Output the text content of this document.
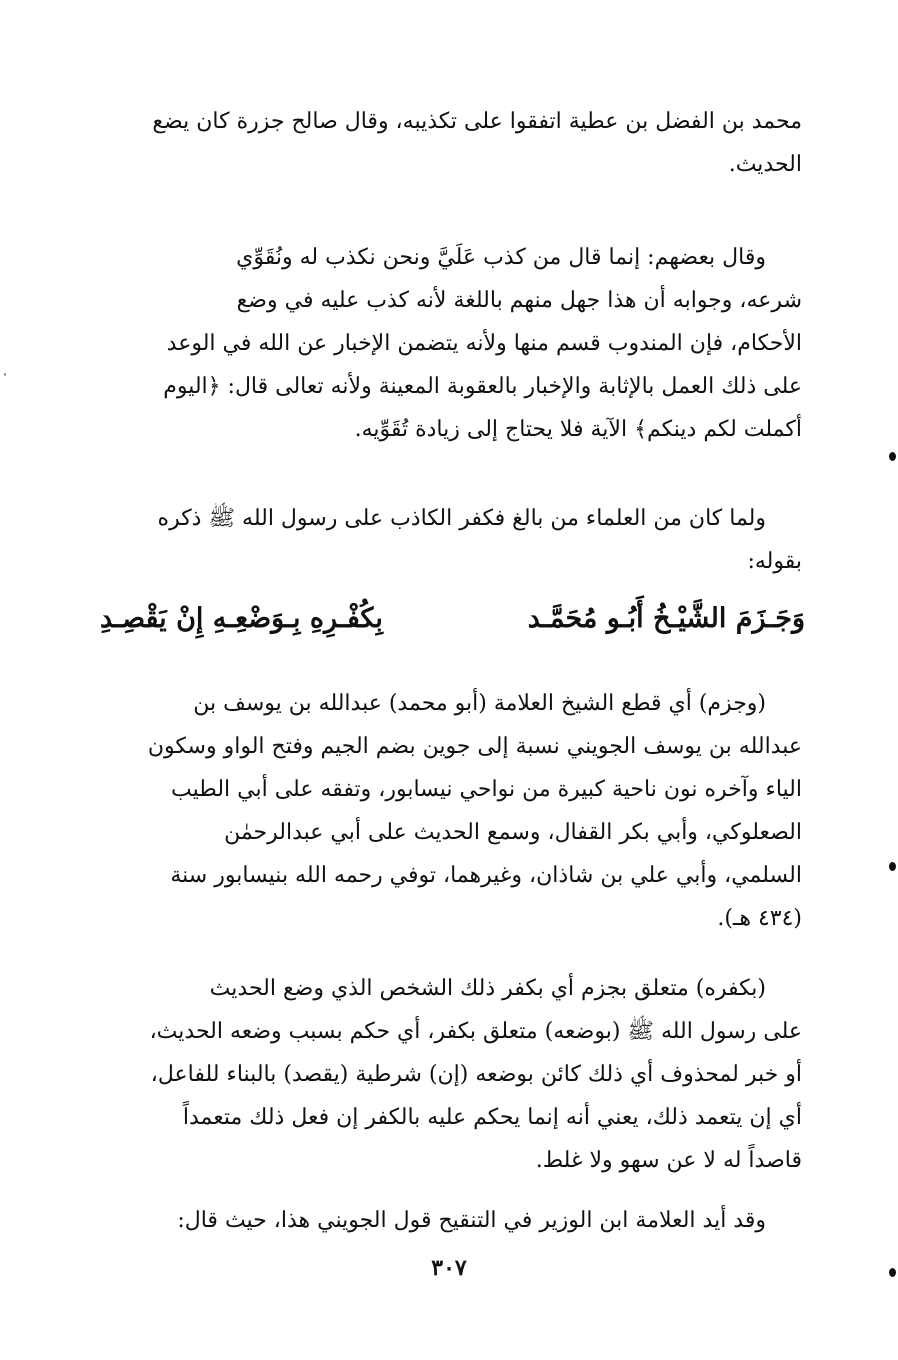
محمد بن الفضل بن عطية اتفقوا على تكذيبه، وقال صالح جزرة كان يضع

الحديث.

وقال بعضهم: إنما قال من كذب عَلَيَّ ونحن نكذب له ونُقَوِّي

شرعه، وجوابه أن هذا جهل منهم باللغة لأنه كذب عليه في وضع

الأحكام، فإن المندوب قسم منها ولأنه يتضمن الإخبار عن الله في الوعد

على ذلك العمل بالإثابة والإخبار بالعقوبة المعينة ولأنه تعالى قال: ﴿اليوم

أكملت لكم دينكم﴾ الآية فلا يحتاج إلى زيادة تُقَوِّيه.

ولما كان من العلماء من بالغ فكفر الكاذب على رسول الله ﷺ ذكره

بقوله:

وَجَـزَمَ الشَّيْـخُ أَبُـو مُحَمَّـد
بِكُفْـرِهِ بِـوَضْعِـهِ إِنْ يَقْصِـدِ

(وجزم) أي قطع الشيخ العلامة (أبو محمد) عبدالله بن يوسف بن

عبدالله بن يوسف الجويني نسبة إلى جوين بضم الجيم وفتح الواو وسكون

الياء وآخره نون ناحية كبيرة من نواحي نيسابور، وتفقه على أبي الطيب

الصعلوكي، وأبي بكر القفال، وسمع الحديث على أبي عبدالرحمٰن

السلمي، وأبي علي بن شاذان، وغيرهما، توفي رحمه الله بنيسابور سنة

(٤٣٤ هـ).

(بكفره) متعلق بجزم أي بكفر ذلك الشخص الذي وضع الحديث

على رسول الله ﷺ (بوضعه) متعلق بكفر، أي حكم بسبب وضعه الحديث،

أو خبر لمحذوف أي ذلك كائن بوضعه (إن) شرطية (يقصد) بالبناء للفاعل،

أي إن يتعمد ذلك، يعني أنه إنما يحكم عليه بالكفر إن فعل ذلك متعمداً

قاصداً له لا عن سهو ولا غلط.

وقد أيد العلامة ابن الوزير في التنقيح قول الجويني هذا، حيث قال:

٣٠٧
